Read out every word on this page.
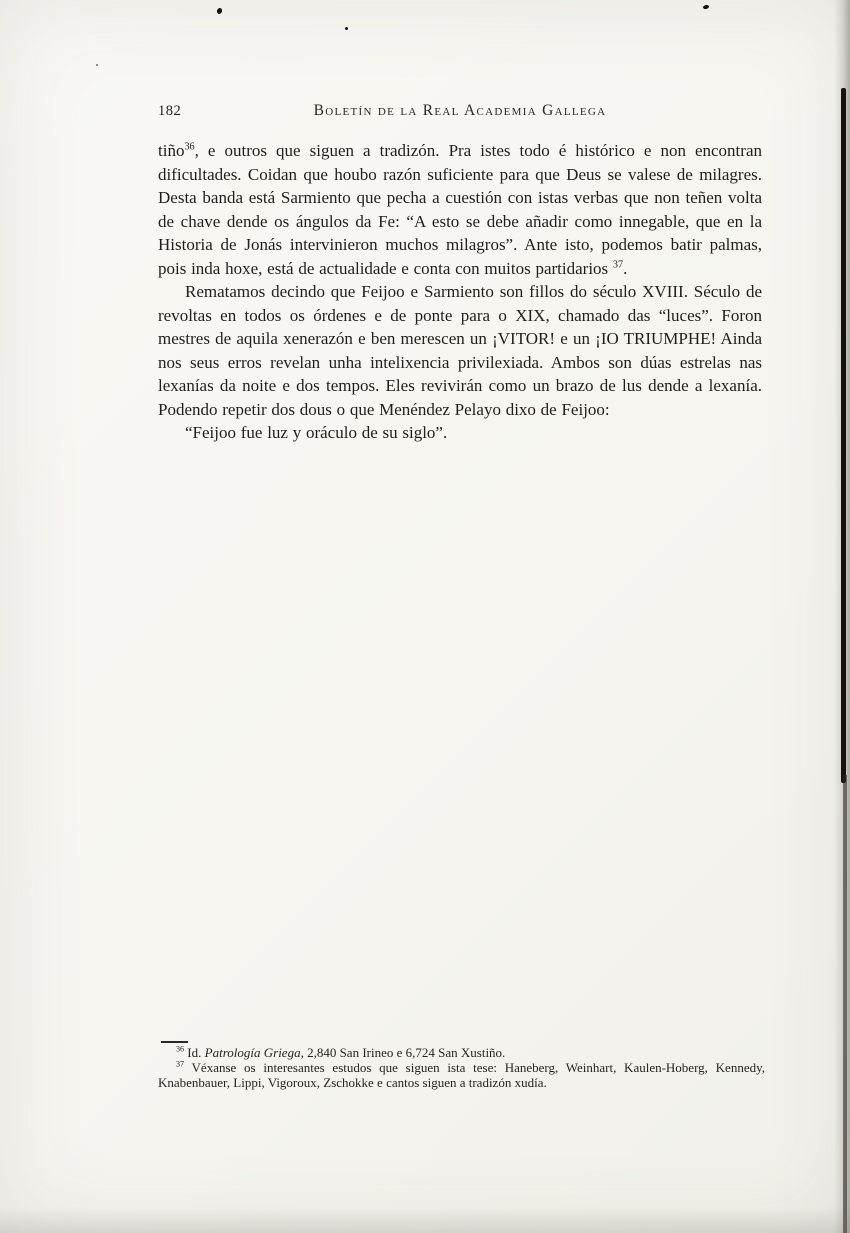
182	Boletín de la Real Academia Gallega

tiño$^{36}$, e outros que siguen a tradizón. Pra istes todo é histórico e non encontran dificultades. Coidan que houbo razón suficiente para que Deus se valese de milagres. Desta banda está Sarmiento que pecha a cuestión con istas verbas que non teñen volta de chave dende os ángulos da Fe: “A esto se debe añadir como innegable, que en la Historia de Jonás intervinieron muchos milagros”. Ante isto, podemos batir palmas, pois inda hoxe, está de actualidade e conta con muitos partidarios $^{37}$.

Rematamos decindo que Feijoo e Sarmiento son fillos do século XVIII. Século de revoltas en todos os órdenes e de ponte para o XIX, chamado das “luces”. Foron mestres de aquila xenerazón e ben merescen un ¡VITOR! e un ¡IO TRIUMPHE! Ainda nos seus erros revelan unha intelixencia privilexiada. Ambos son dúas estrelas nas lexanías da noite e dos tempos. Eles revivirán como un brazo de lus dende a lexanía. Podendo repetir dos dous o que Menéndez Pelayo dixo de Feijoo:

“Feijoo fue luz y oráculo de su siglo”.

$^{36}$ Id. Patrología Griega, 2,840 San Irineo e 6,724 San Xustiño.

$^{37}$ Véxanse os interesantes estudos que siguen ista tese: Haneberg, Weinhart, Kaulen-Hoberg, Kennedy, Knabenbauer, Lippi, Vigoroux, Zschokke e cantos siguen a tradizón xudía.
